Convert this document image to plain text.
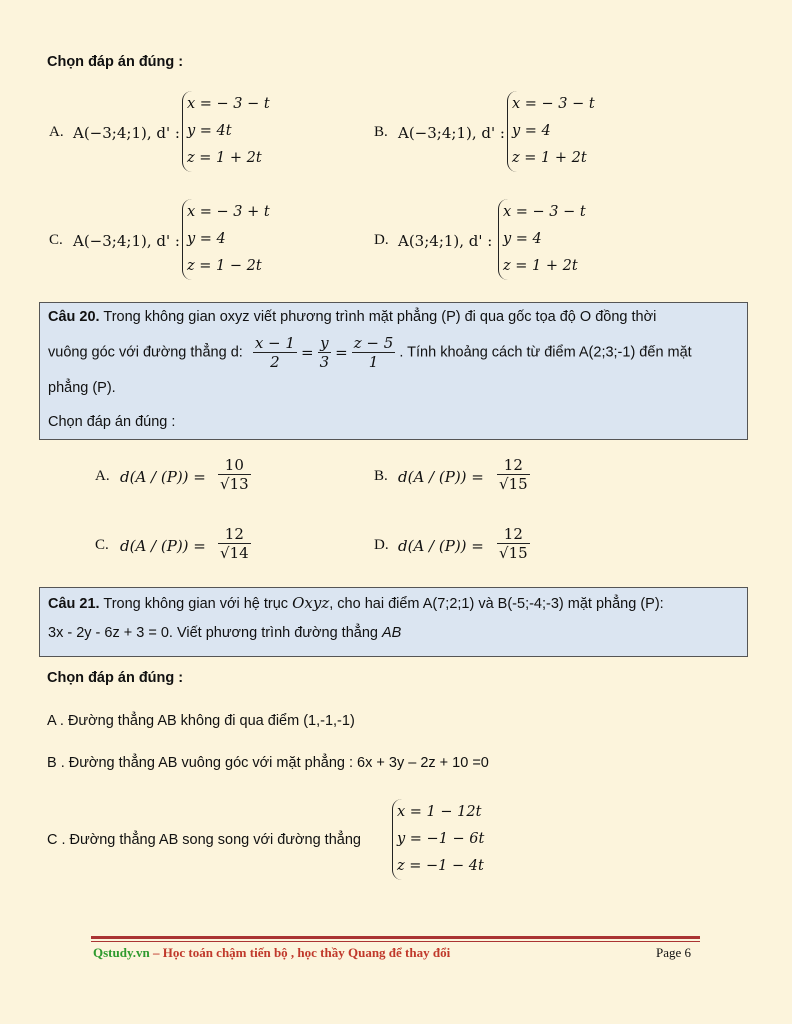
Chọn đáp án đúng :
A. A(−3;4;1), d' :
x = − 3 − t
y = 4t
z = 1 + 2t
B. A(−3;4;1), d' :
x = − 3 − t
y = 4
z = 1 + 2t
C. A(−3;4;1), d' :
x = − 3 + t
y = 4
z = 1 − 2t
D. A(3;4;1), d' :
x = − 3 − t
y = 4
z = 1 + 2t
Câu 20. Trong không gian oxyz viết phương trình mặt phẳng (P) đi qua gốc tọa độ O đồng thời
vuông góc với đường thẳng d: $\frac{x - 1}{2} = \frac{y}{3} = \frac{z - 5}{1}$ . Tính khoảng cách từ điểm A(2;3;-1) đến mặt
phẳng (P).
Chọn đáp án đúng :
A. $d(A / (P)) = \frac{10}{√13}$	B. $d(A / (P)) = \frac{12}{√15}$
C. $d(A / (P)) = \frac{12}{√14}$	D. $d(A / (P)) = \frac{12}{√15}$
Câu 21. Trong không gian với hệ trục Oxyz, cho hai điểm A(7;2;1) và B(-5;-4;-3) mặt phẳng (P):
3x - 2y - 6z + 3 = 0. Viết phương trình đường thẳng AB
Chọn đáp án đúng :
A . Đường thẳng AB không đi qua điểm (1,-1,-1)
B . Đường thẳng AB vuông góc với mặt phẳng : 6x + 3y – 2z + 10 =0
C . Đường thẳng AB song song với đường thẳng
x = 1 − 12t
y = −1 − 6t
z = −1 − 4t
Qstudy.vn – Học toán chậm tiến bộ , học thầy Quang để thay đổi	Page 6
